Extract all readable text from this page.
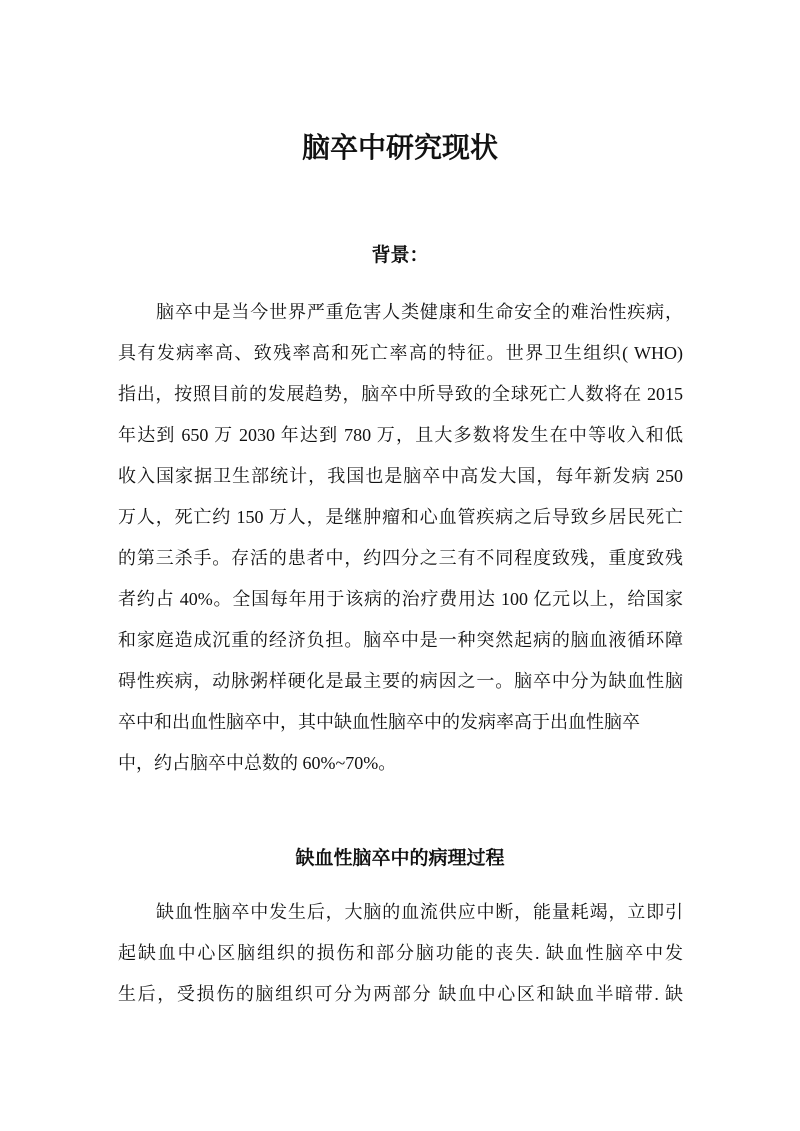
脑卒中研究现状
背景：
脑卒中是当今世界严重危害人类健康和生命安全的难治性疾病，
具有发病率高、致残率高和死亡率高的特征。世界卫生组织( WHO)
指出，按照目前的发展趋势，脑卒中所导致的全球死亡人数将在 2015
年达到 650 万 2030 年达到 780 万，且大多数将发生在中等收入和低
收入国家据卫生部统计，我国也是脑卒中高发大国，每年新发病 250
万人，死亡约 150 万人，是继肿瘤和心血管疾病之后导致乡居民死亡
的第三杀手。存活的患者中，约四分之三有不同程度致残，重度致残
者约占 40%。全国每年用于该病的治疗费用达 100 亿元以上，给国家
和家庭造成沉重的经济负担。脑卒中是一种突然起病的脑血液循环障
碍性疾病，动脉粥样硬化是最主要的病因之一。脑卒中分为缺血性脑
卒中和出血性脑卒中，其中缺血性脑卒中的发病率高于出血性脑卒
中，约占脑卒中总数的 60%~70%。
缺血性脑卒中的病理过程
缺血性脑卒中发生后，大脑的血流供应中断，能量耗竭，立即引
起缺血中心区脑组织的损伤和部分脑功能的丧失. 缺血性脑卒中发
生后，受损伤的脑组织可分为两部分 缺血中心区和缺血半暗带. 缺
